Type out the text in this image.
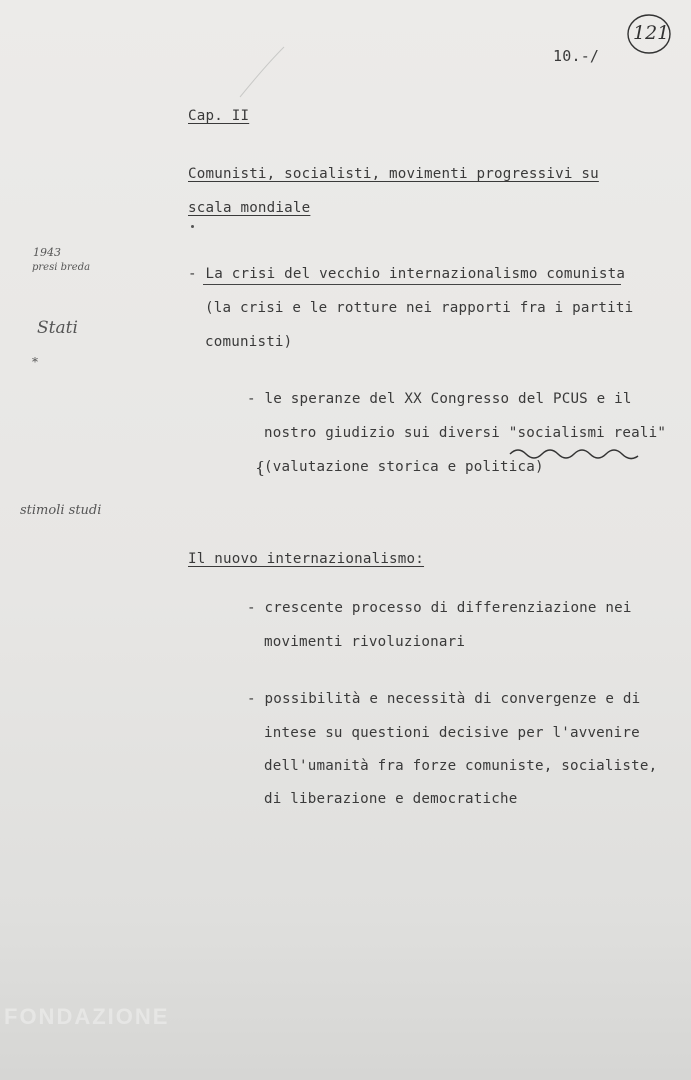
121
10.-/
Cap. II
Comunisti, socialisti, movimenti progressivi su
scala mondiale
- La crisi del vecchio internazionalismo comunista
(la crisi e le rotture nei rapporti fra i partiti
comunisti)
- le speranze del XX Congresso del PCUS e il
nostro giudizio sui diversi "socialismi reali"
{
(valutazione storica e politica)
Il nuovo internazionalismo:
- crescente processo di differenziazione nei
movimenti rivoluzionari
- possibilità e necessità di convergenze e di
intese su questioni decisive per l'avvenire
dell'umanità fra forze comuniste, socialiste,
di liberazione e democratiche
1943
presi breda
Stati
*
stimoli studi
FONDAZIONE
